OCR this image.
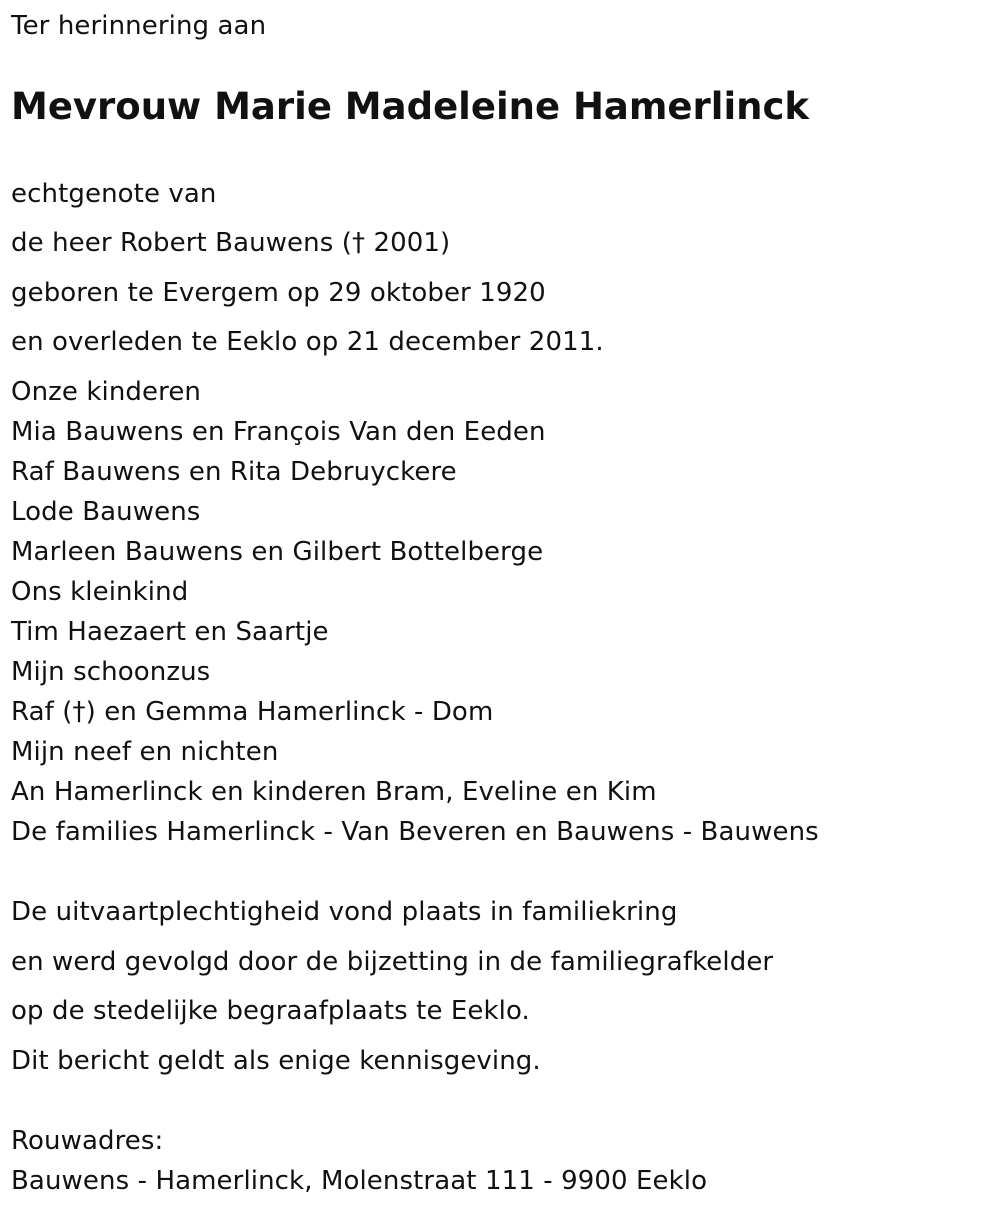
Ter herinnering aan
Mevrouw Marie Madeleine Hamerlinck
echtgenote van
de heer Robert Bauwens († 2001)
geboren te Evergem op 29 oktober 1920
en overleden te Eeklo op 21 december 2011.
Onze kinderen
Mia Bauwens en François Van den Eeden
Raf Bauwens en Rita Debruyckere
Lode Bauwens
Marleen Bauwens en Gilbert Bottelberge
Ons kleinkind
Tim Haezaert en Saartje
Mijn schoonzus
Raf (†) en Gemma Hamerlinck - Dom
Mijn neef en nichten
An Hamerlinck en kinderen Bram, Eveline en Kim
De families Hamerlinck - Van Beveren en Bauwens - Bauwens
De uitvaartplechtigheid vond plaats in familiekring
en werd gevolgd door de bijzetting in de familiegrafkelder
op de stedelijke begraafplaats te Eeklo.
Dit bericht geldt als enige kennisgeving.
Rouwadres:
Bauwens - Hamerlinck, Molenstraat 111 - 9900 Eeklo
